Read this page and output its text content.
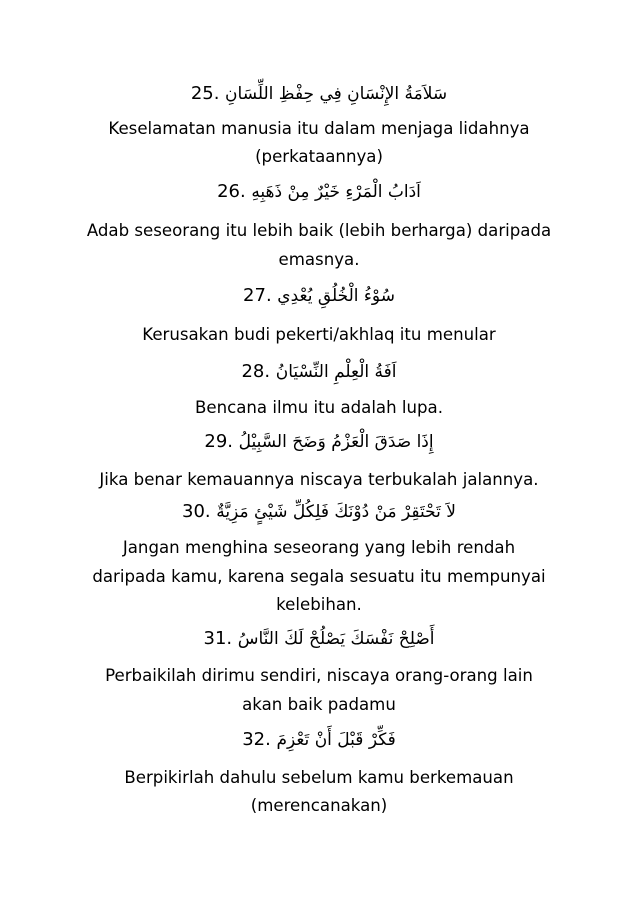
25. سَلاَمَةُ الإِنْسَانِ فِي حِفْظِ اللِّسَانِ
Keselamatan manusia itu dalam menjaga lidahnya
(perkataannya)
26. اَدَابُ الْمَرْءِ خَيْرٌ مِنْ ذَهَبِهِ
Adab seseorang itu lebih baik (lebih berharga) daripada
emasnya.
27. سُوْءُ الْخُلُقِ يُعْدِي
Kerusakan budi pekerti/akhlaq itu menular
28. اَفَةُ الْعِلْمِ النِّسْيَانُ
Bencana ilmu itu adalah lupa.
29. إِذَا صَدَقَ الْعَزْمُ وَضَحَ السَّبِيْلُ
Jika benar kemauannya niscaya terbukalah jalannya.
30. لاَ تَحْتَقِرْ مَنْ دُوْنَكَ فَلِكُلِّ شَيْئٍ مَزِيَّةٌ
Jangan menghina seseorang yang lebih rendah
daripada kamu, karena segala sesuatu itu mempunyai
kelebihan.
31. أَصْلِحْ نَفْسَكَ يَصْلُحْ لَكَ النَّاسُ
Perbaikilah dirimu sendiri, niscaya orang-orang lain
akan baik padamu
32. فَكِّرْ قَبْلَ أَنْ تَعْزِمَ
Berpikirlah dahulu sebelum kamu berkemauan
(merencanakan)
